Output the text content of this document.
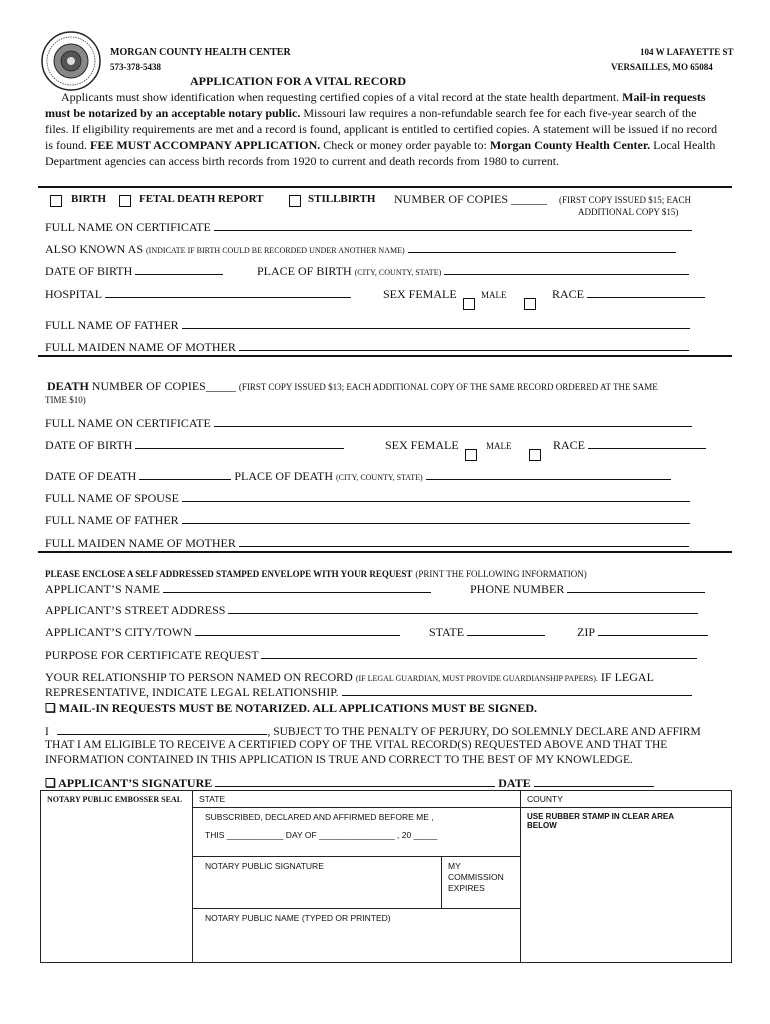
MORGAN COUNTY HEALTH CENTER
573-378-5438
104 W LAFAYETTE ST
VERSAILLES, MO 65084
APPLICATION FOR A VITAL RECORD
Applicants must show identification when requesting certified copies of a vital record at the state health department. Mail-in requests must be notarized by an acceptable notary public. Missouri law requires a non-refundable search fee for each five-year search of the files. If eligibility requirements are met and a record is found, applicant is entitled to certified copies. A statement will be issued if no record is found. FEE MUST ACCOMPANY APPLICATION. Check or money order payable to: Morgan County Health Center. Local Health Department agencies can access birth records from 1920 to current and death records from 1980 to current.
BIRTH	FETAL DEATH REPORT	STILLBIRTH NUMBER OF COPIES ______ (FIRST COPY ISSUED $15; EACH
ADDITIONAL COPY $15)
FULL NAME ON CERTIFICATE
ALSO KNOWN AS (INDICATE IF BIRTH COULD BE RECORDED UNDER ANOTHER NAME)
DATE OF BIRTH	PLACE OF BIRTH (CITY, COUNTY, STATE)
HOSPITAL	SEX FEMALE	MALE	RACE
FULL NAME OF FATHER
FULL MAIDEN NAME OF MOTHER
DEATH NUMBER OF COPIES_____ (FIRST COPY ISSUED $13; EACH ADDITIONAL COPY OF THE SAME RECORD ORDERED AT THE SAME
TIME $10)
FULL NAME ON CERTIFICATE
DATE OF BIRTH	SEX FEMALE	MALE	RACE
DATE OF DEATH	PLACE OF DEATH (CITY, COUNTY, STATE)
FULL NAME OF SPOUSE
FULL NAME OF FATHER
FULL MAIDEN NAME OF MOTHER
PLEASE ENCLOSE A SELF ADDRESSED STAMPED ENVELOPE WITH YOUR REQUEST (PRINT THE FOLLOWING INFORMATION)
APPLICANT’S NAME	PHONE NUMBER
APPLICANT’S STREET ADDRESS
APPLICANT’S CITY/TOWN	STATE	ZIP
PURPOSE FOR CERTIFICATE REQUEST
YOUR RELATIONSHIP TO PERSON NAMED ON RECORD (IF LEGAL GUARDIAN, MUST PROVIDE GUARDIANSHIP PAPERS). IF LEGAL
REPRESENTATIVE, INDICATE LEGAL RELATIONSHIP.
❑ MAIL-IN REQUESTS MUST BE NOTARIZED. ALL APPLICATIONS MUST BE SIGNED.
I	, SUBJECT TO THE PENALTY OF PERJURY, DO SOLEMNLY DECLARE AND AFFIRM
THAT I AM ELIGIBLE TO RECEIVE A CERTIFIED COPY OF THE VITAL RECORD(S) REQUESTED ABOVE AND THAT THE
INFORMATION CONTAINED IN THIS APPLICATION IS TRUE AND CORRECT TO THE BEST OF MY KNOWLEDGE.
❑ APPLICANT’S SIGNATURE	DATE
NOTARY PUBLIC EMBOSSER SEAL	STATE	COUNTY
SUBSCRIBED, DECLARED AND AFFIRMED BEFORE ME ,
THIS ____________ DAY OF ________________ , 20 _____
USE RUBBER STAMP IN CLEAR AREA BELOW
NOTARY PUBLIC SIGNATURE	MY COMMISSION EXPIRES
NOTARY PUBLIC NAME (TYPED OR PRINTED)
